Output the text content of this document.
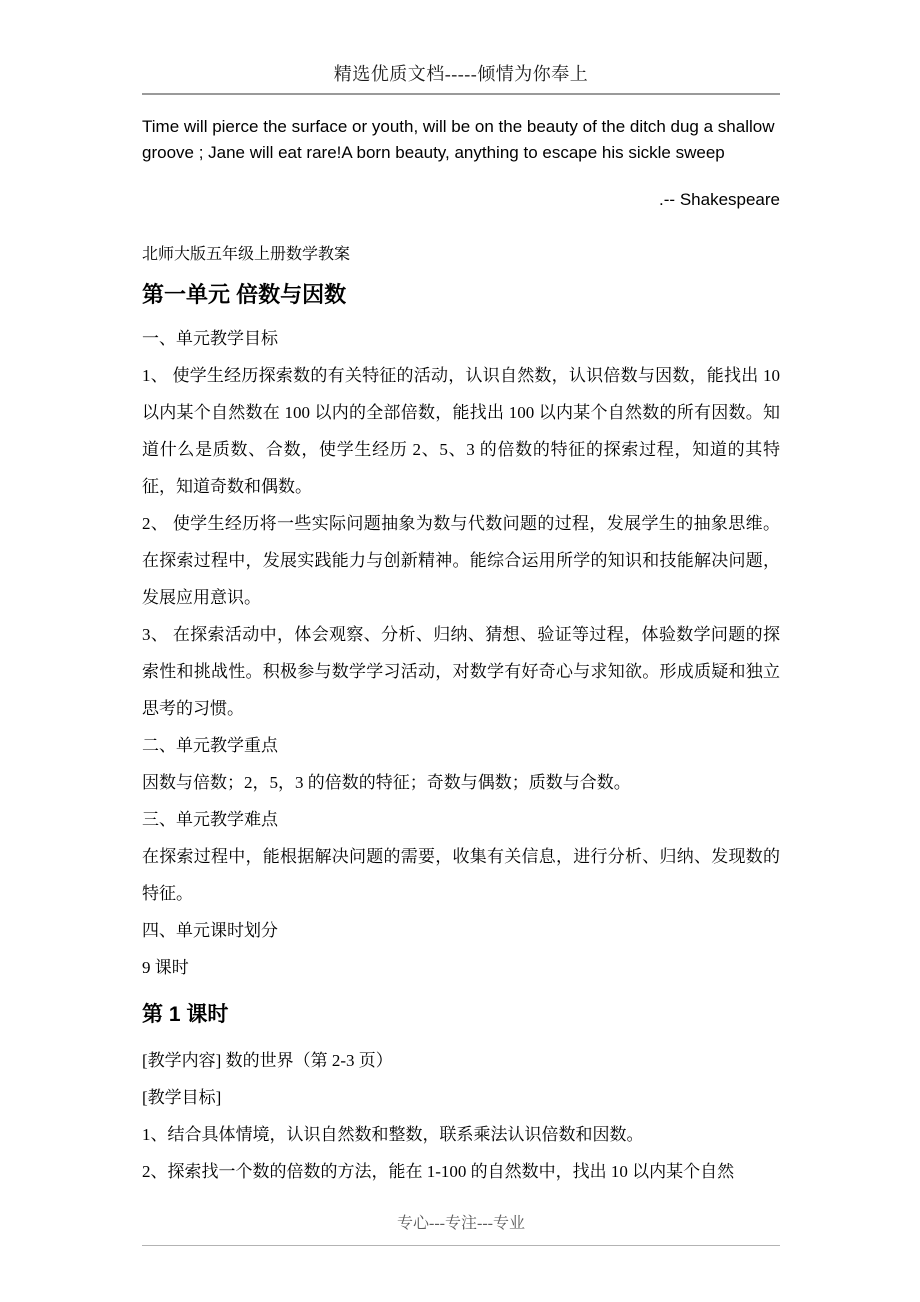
精选优质文档-----倾情为你奉上

Time will pierce the surface or youth, will be on the beauty of the ditch dug a shallow groove ; Jane will eat rare!A born beauty, anything to escape his sickle sweep

.-- Shakespeare

北师大版五年级上册数学教案

第一单元 倍数与因数

一、单元教学目标

1、 使学生经历探索数的有关特征的活动，认识自然数，认识倍数与因数，能找出 10 以内某个自然数在 100 以内的全部倍数，能找出 100 以内某个自然数的所有因数。知道什么是质数、合数，使学生经历 2、5、3 的倍数的特征的探索过程，知道的其特征，知道奇数和偶数。

2、 使学生经历将一些实际问题抽象为数与代数问题的过程，发展学生的抽象思维。在探索过程中，发展实践能力与创新精神。能综合运用所学的知识和技能解决问题，发展应用意识。

3、 在探索活动中，体会观察、分析、归纳、猜想、验证等过程，体验数学问题的探索性和挑战性。积极参与数学学习活动，对数学有好奇心与求知欲。形成质疑和独立思考的习惯。

二、单元教学重点

因数与倍数；2，5，3 的倍数的特征；奇数与偶数；质数与合数。

三、单元教学难点

在探索过程中，能根据解决问题的需要，收集有关信息，进行分析、归纳、发现数的特征。

四、单元课时划分

9 课时

第 1 课时

[教学内容] 数的世界（第 2-3 页）

[教学目标]

1、结合具体情境，认识自然数和整数，联系乘法认识倍数和因数。

2、探索找一个数的倍数的方法，能在 1-100 的自然数中，找出 10 以内某个自然

专心---专注---专业
